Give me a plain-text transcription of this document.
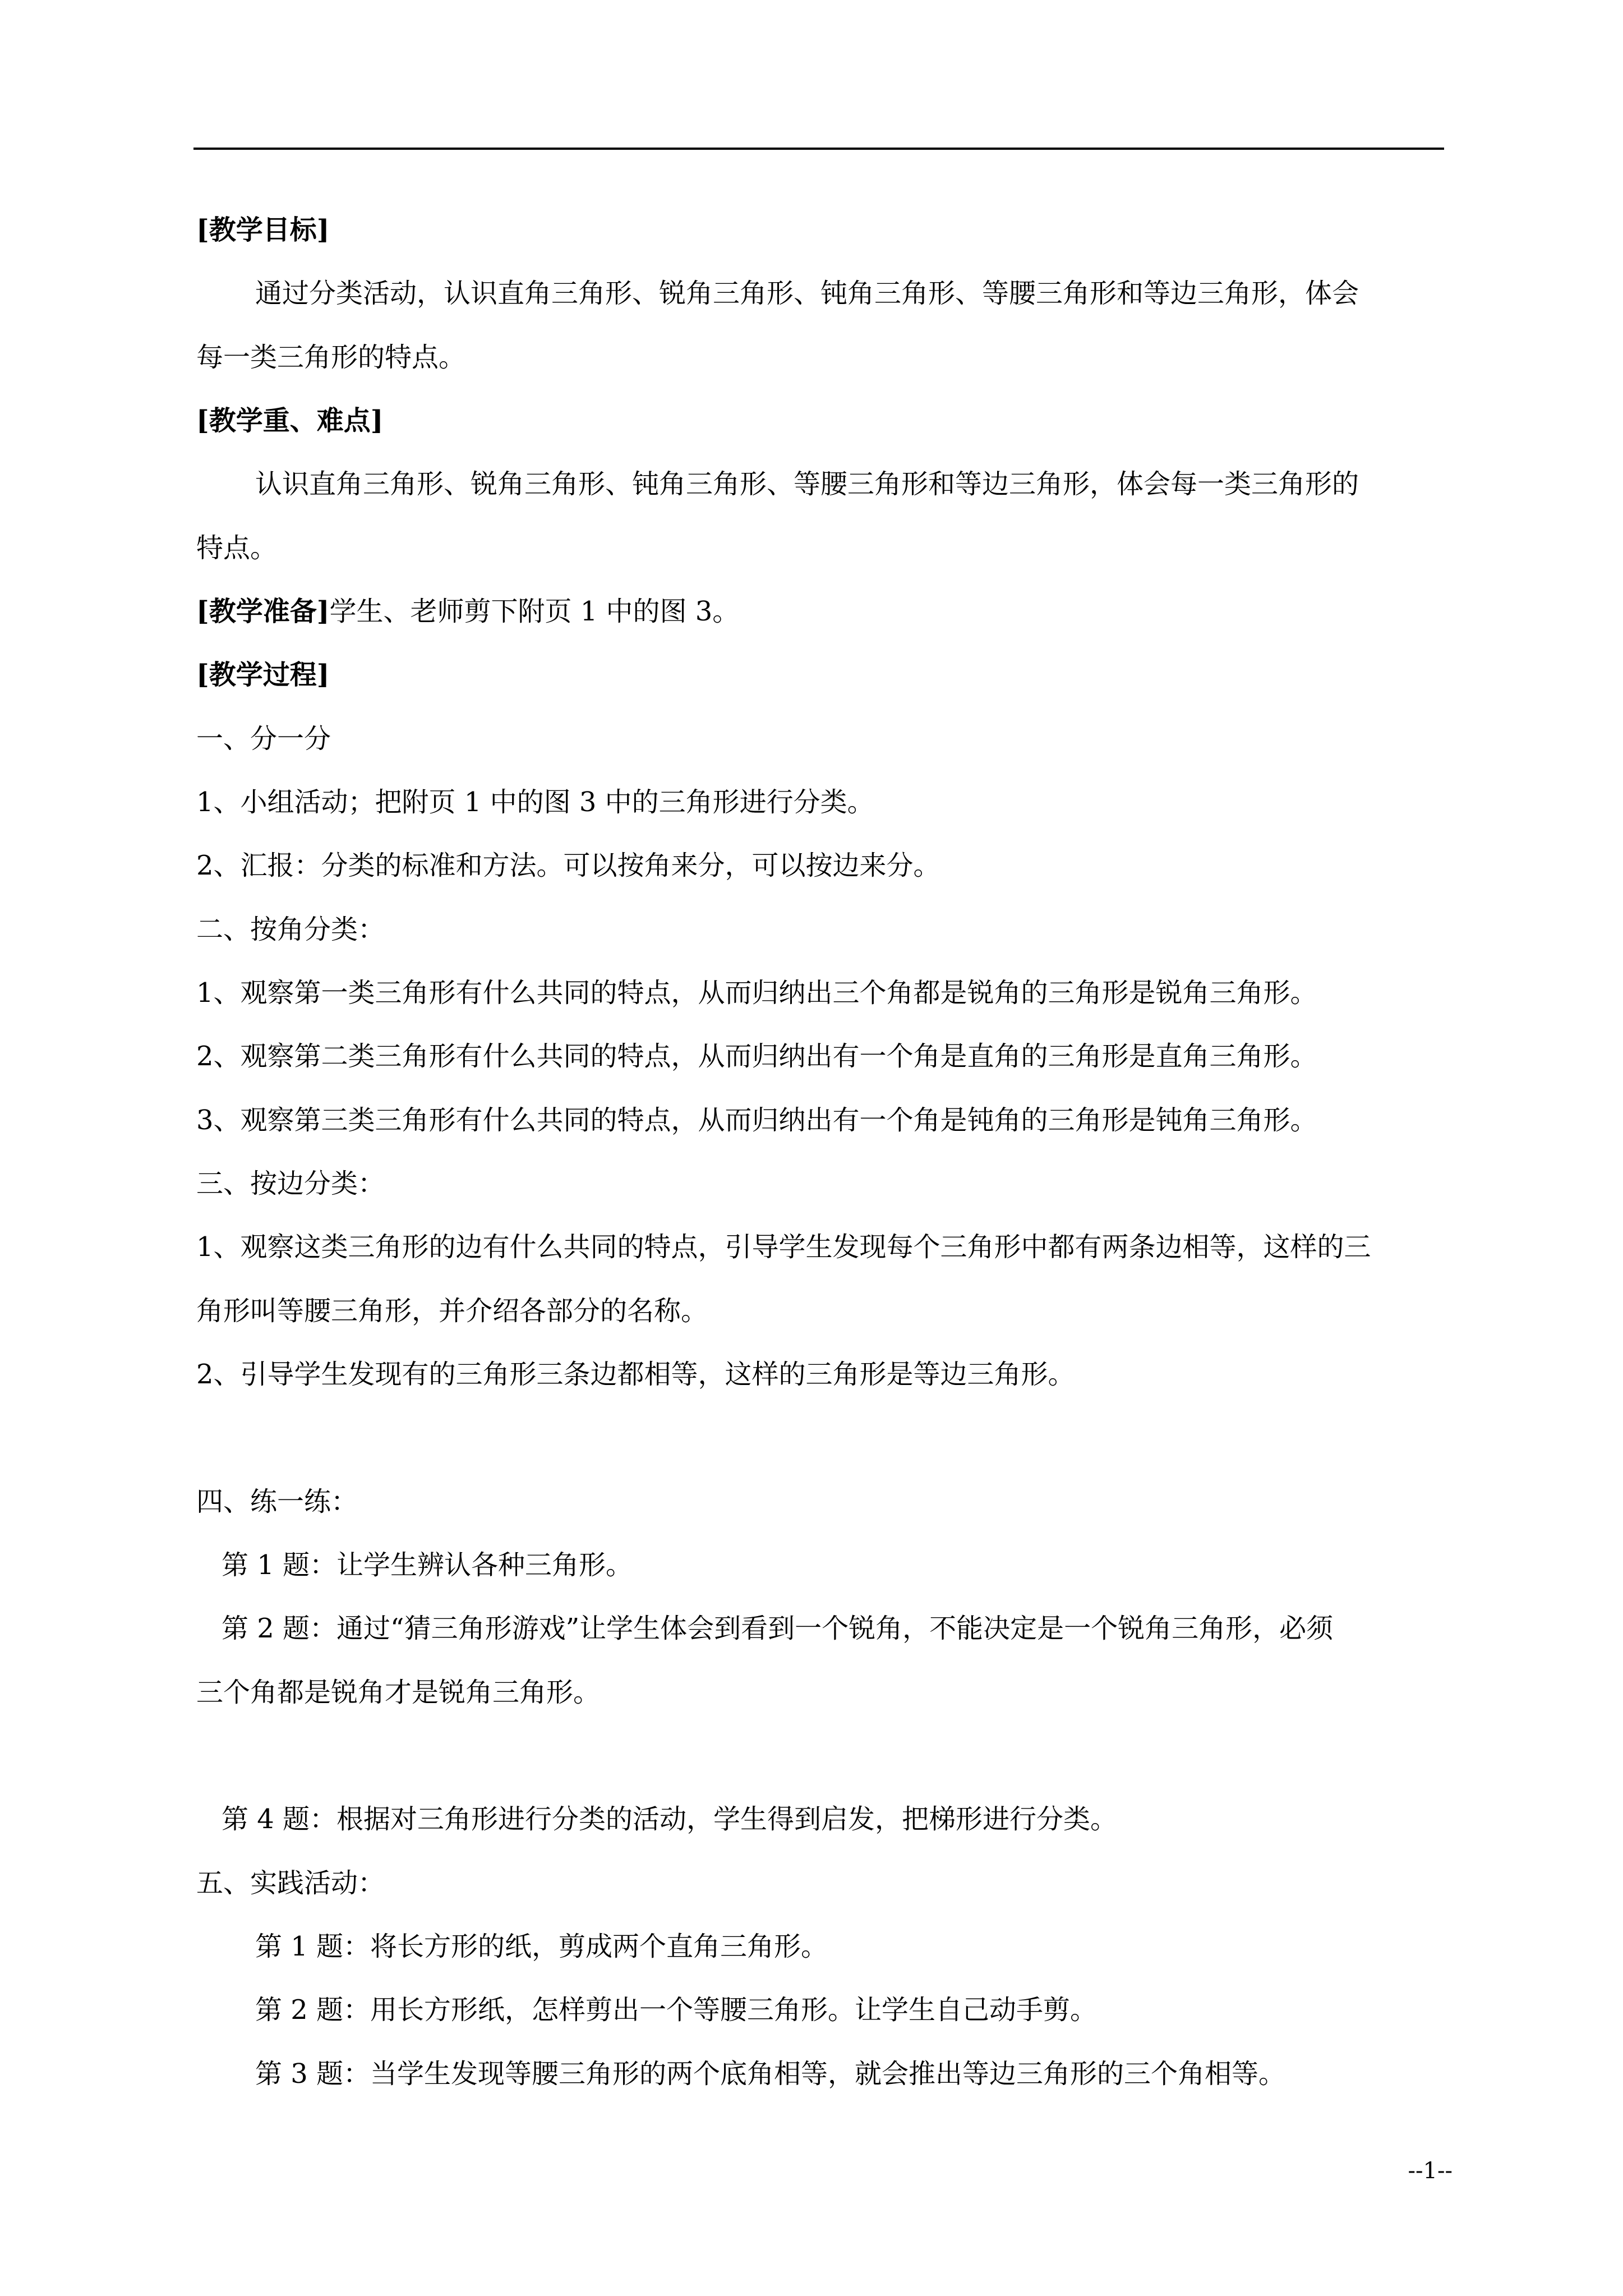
[教学目标]
通过分类活动，认识直角三角形、锐角三角形、钝角三角形、等腰三角形和等边三角形，体会
每一类三角形的特点。
[教学重、难点]
认识直角三角形、锐角三角形、钝角三角形、等腰三角形和等边三角形，体会每一类三角形的
特点。
[教学准备]学生、老师剪下附页 1 中的图 3。
[教学过程]
一、分一分
1、小组活动；把附页 1 中的图 3 中的三角形进行分类。
2、汇报：分类的标准和方法。可以按角来分，可以按边来分。
二、按角分类：
1、观察第一类三角形有什么共同的特点，从而归纳出三个角都是锐角的三角形是锐角三角形。
2、观察第二类三角形有什么共同的特点，从而归纳出有一个角是直角的三角形是直角三角形。
3、观察第三类三角形有什么共同的特点，从而归纳出有一个角是钝角的三角形是钝角三角形。
三、按边分类：
1、观察这类三角形的边有什么共同的特点，引导学生发现每个三角形中都有两条边相等，这样的三
角形叫等腰三角形，并介绍各部分的名称。
2、引导学生发现有的三角形三条边都相等，这样的三角形是等边三角形。
四、练一练：
第 1 题：让学生辨认各种三角形。
第 2 题：通过“猜三角形游戏”让学生体会到看到一个锐角，不能决定是一个锐角三角形，必须
三个角都是锐角才是锐角三角形。
第 4 题：根据对三角形进行分类的活动，学生得到启发，把梯形进行分类。
五、实践活动：
第 1 题：将长方形的纸，剪成两个直角三角形。
第 2 题：用长方形纸，怎样剪出一个等腰三角形。让学生自己动手剪。
第 3 题：当学生发现等腰三角形的两个底角相等，就会推出等边三角形的三个角相等。
--1--
